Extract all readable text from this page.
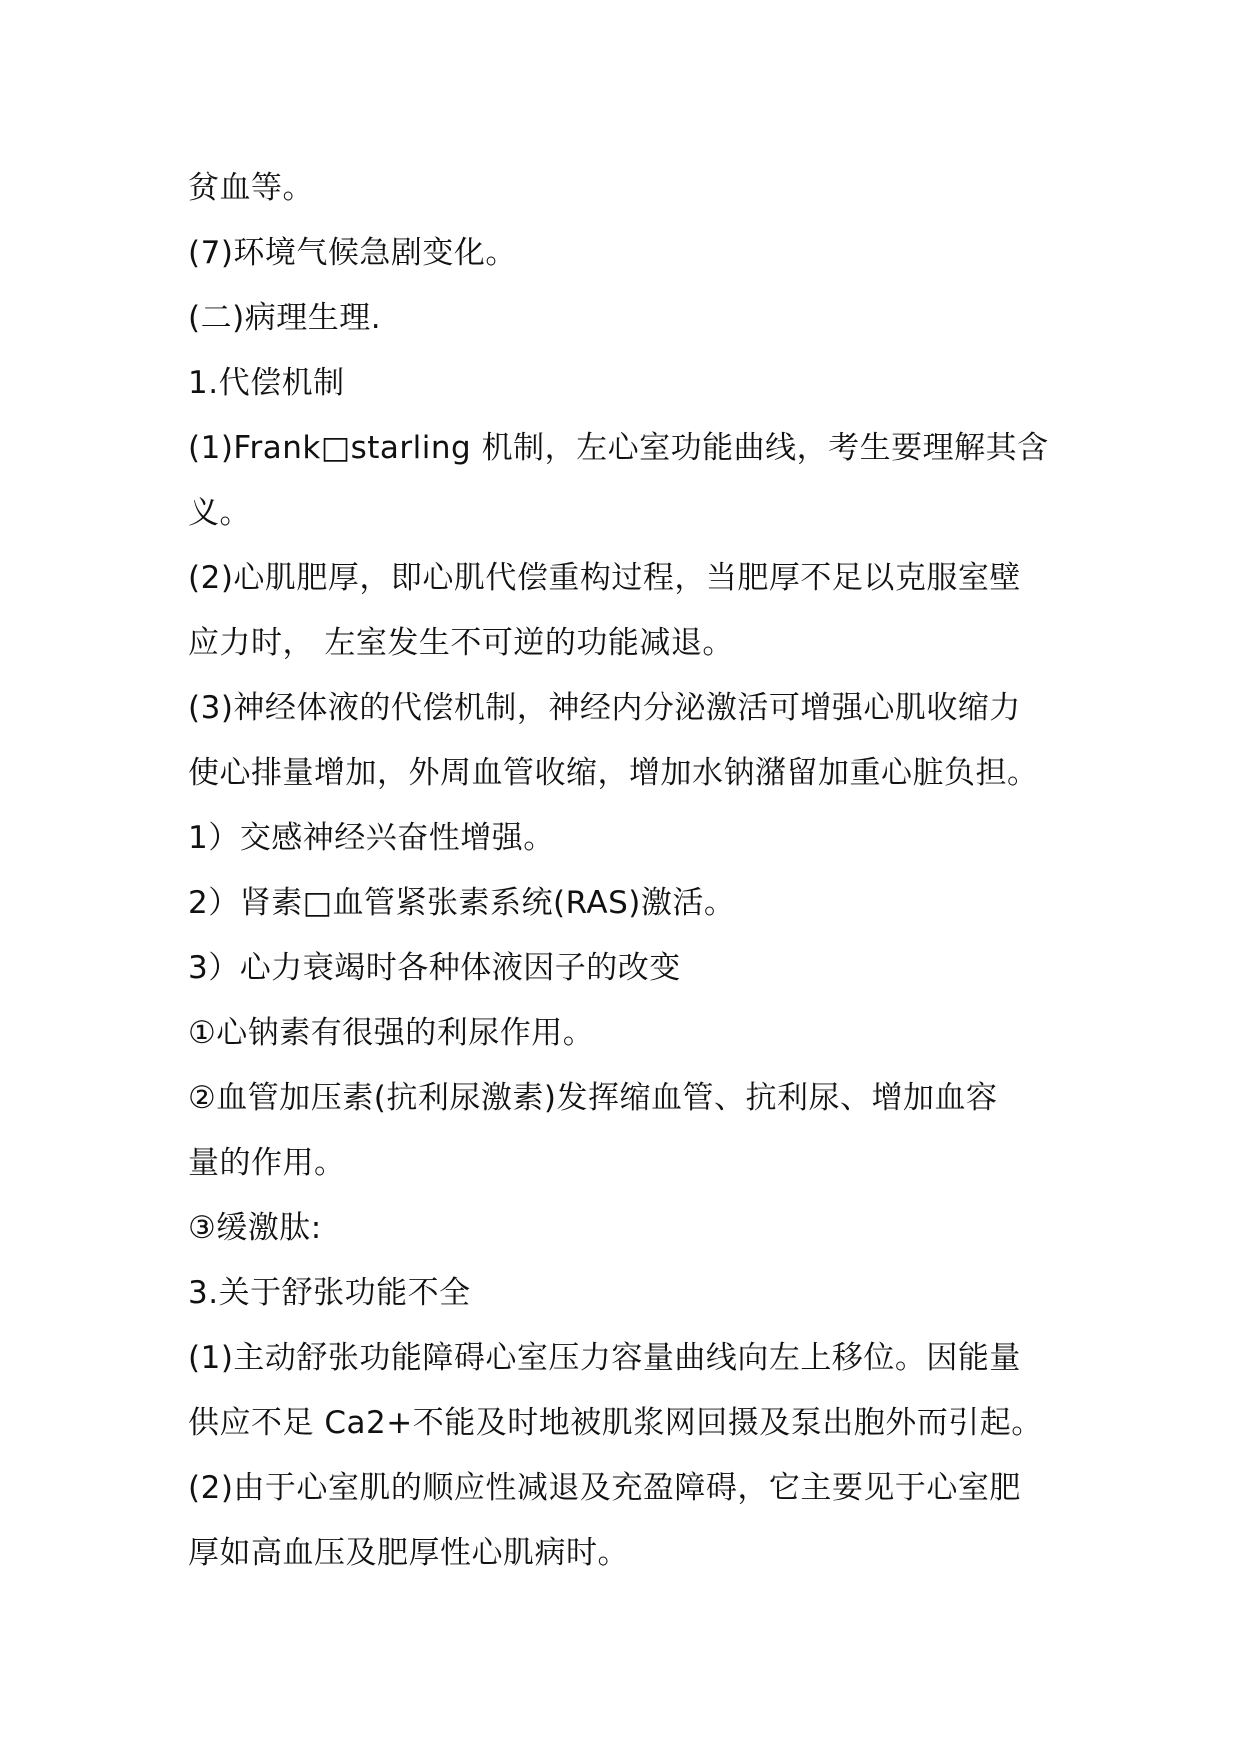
贫血等。
(7)环境气候急剧变化。
(二)病理生理.
1.代偿机制
(1)Frank□starling 机制，左心室功能曲线，考生要理解其含
义。
(2)心肌肥厚，即心肌代偿重构过程，当肥厚不足以克服室壁
应力时， 左室发生不可逆的功能减退。
(3)神经体液的代偿机制，神经内分泌激活可增强心肌收缩力
使心排量增加，外周血管收缩，增加水钠潴留加重心脏负担。
1）交感神经兴奋性增强。
2）肾素□血管紧张素系统(RAS)激活。
3）心力衰竭时各种体液因子的改变
①心钠素有很强的利尿作用。
②血管加压素(抗利尿激素)发挥缩血管、抗利尿、增加血容
量的作用。
③缓激肽:
3.关于舒张功能不全
(1)主动舒张功能障碍心室压力容量曲线向左上移位。因能量
供应不足 Ca2+不能及时地被肌浆网回摄及泵出胞外而引起。
(2)由于心室肌的顺应性减退及充盈障碍，它主要见于心室肥
厚如高血压及肥厚性心肌病时。
